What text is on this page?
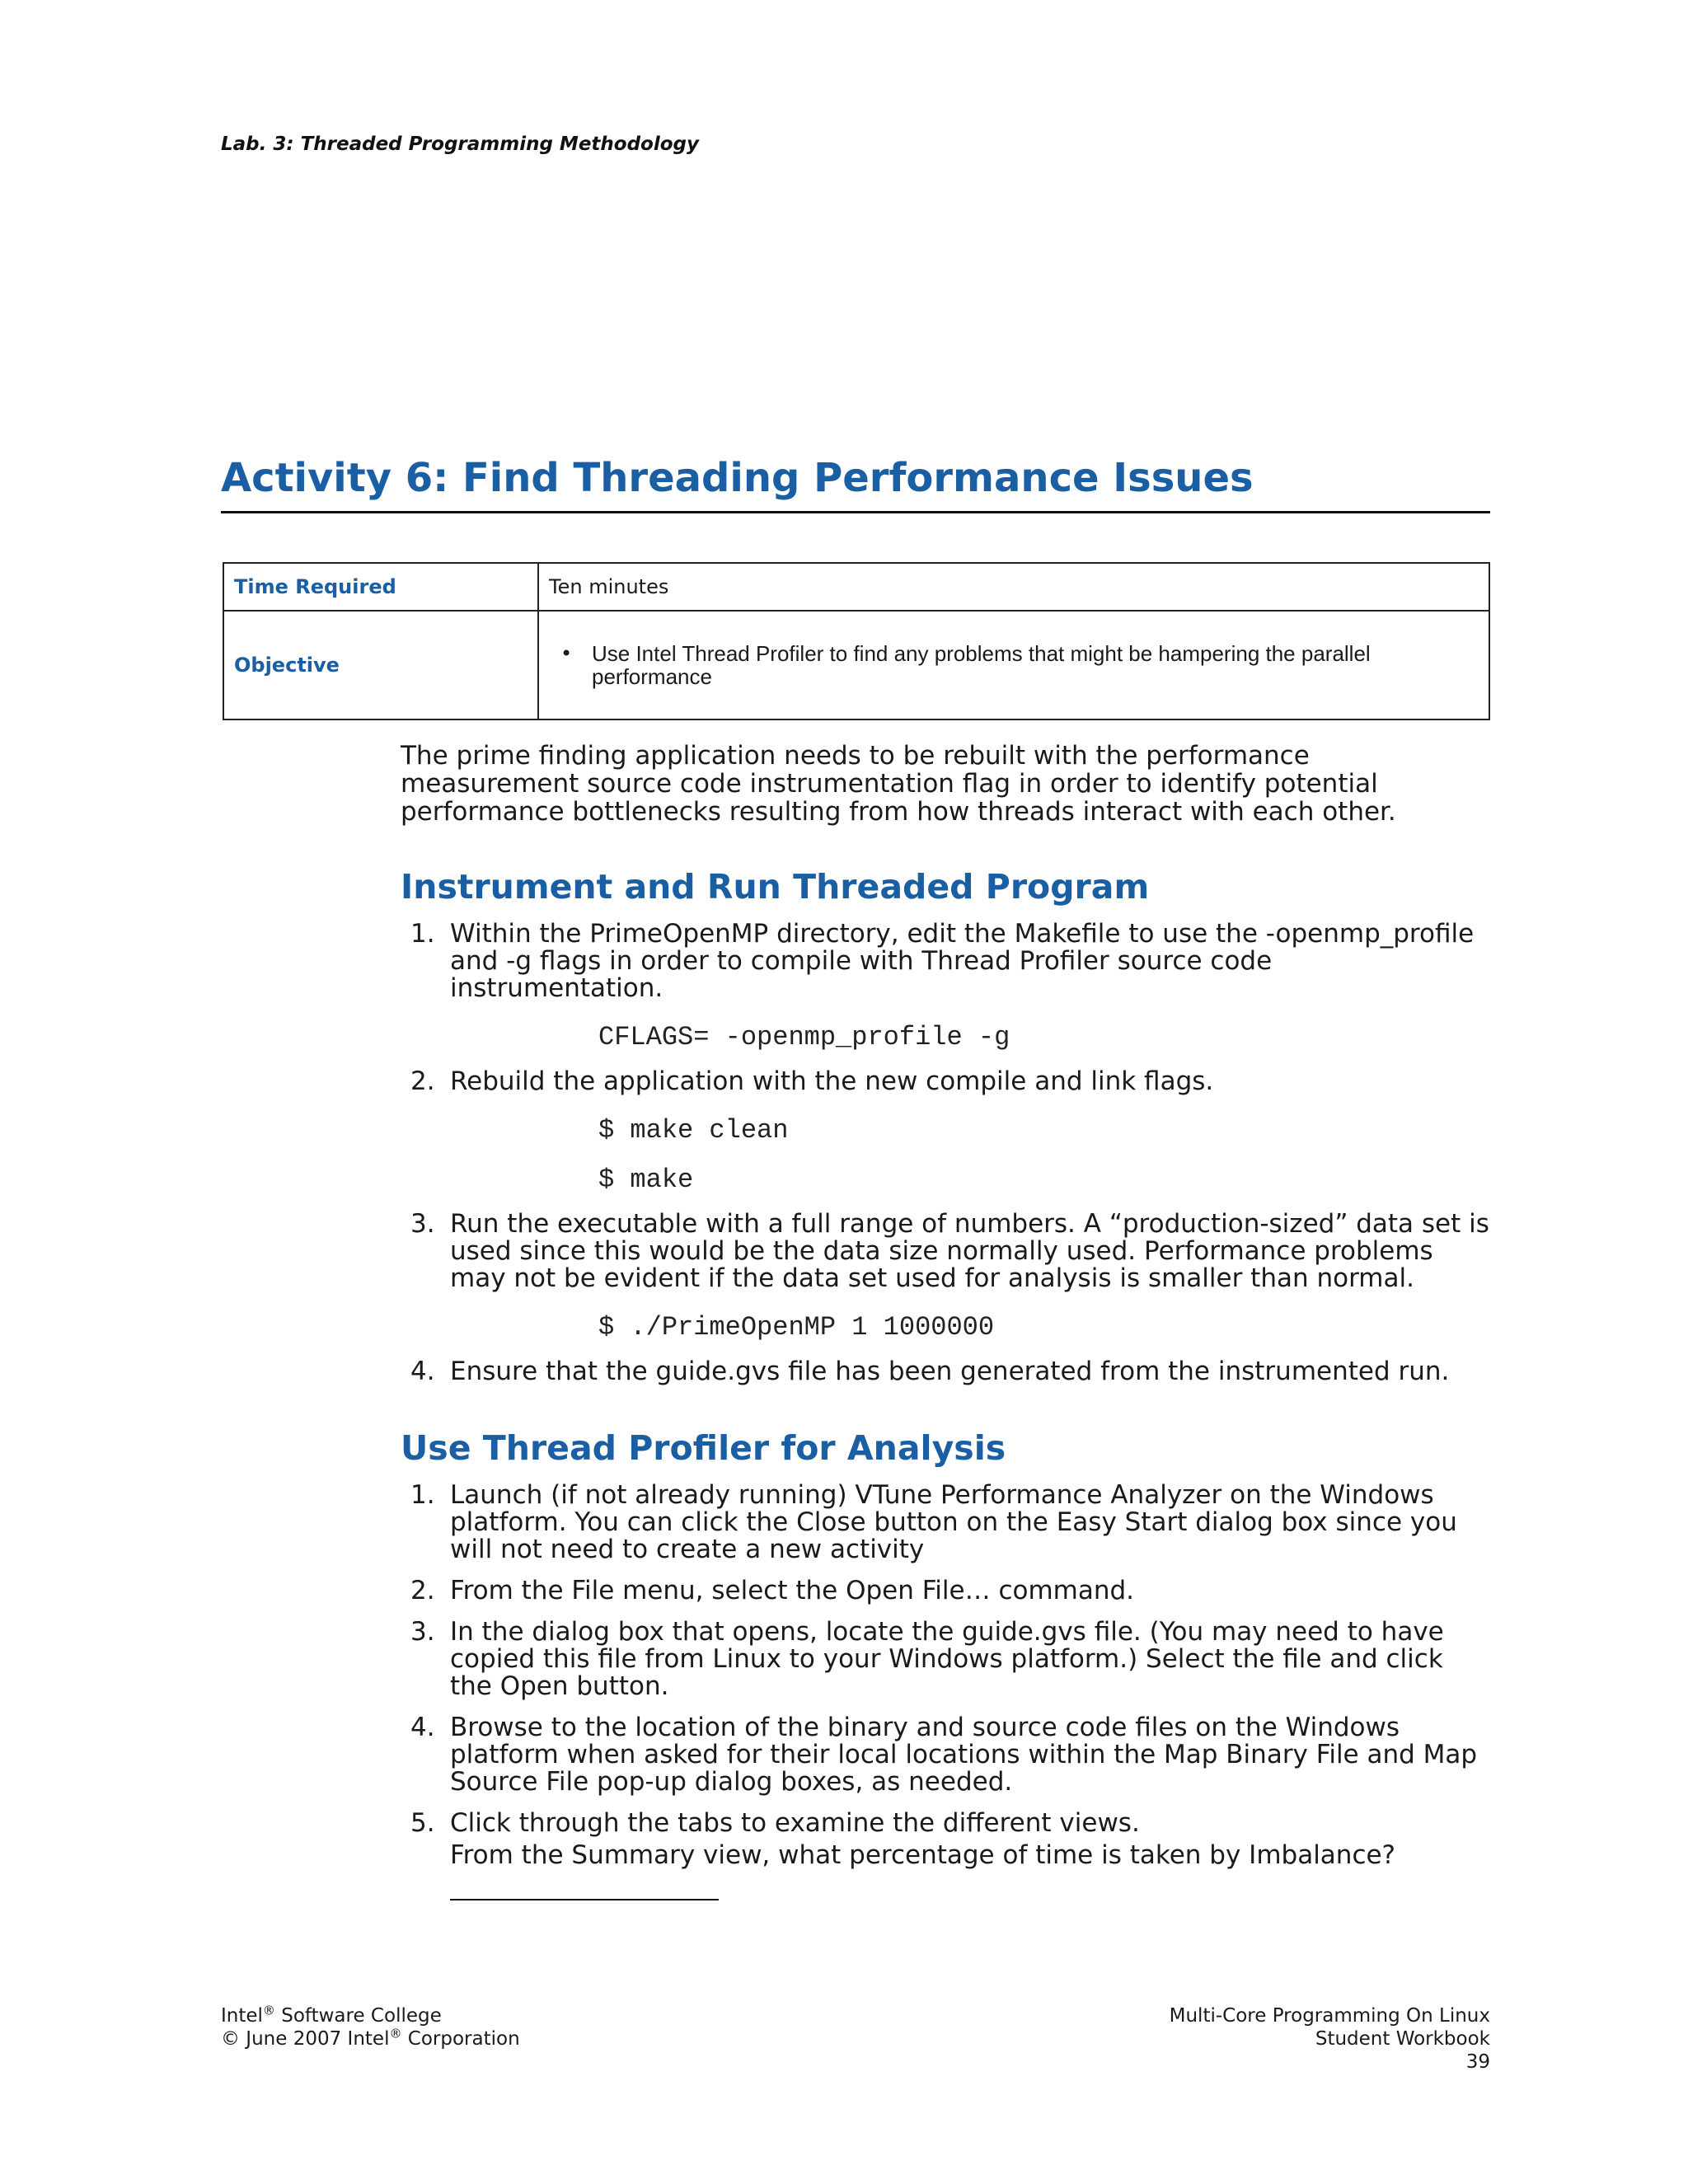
Lab. 3: Threaded Programming Methodology
Activity 6: Find Threading Performance Issues
Time Required	Ten minutes
Objective	• Use Intel Thread Profiler to find any problems that might be hampering the parallel performance

The prime finding application needs to be rebuilt with the performance measurement source code instrumentation flag in order to identify potential performance bottlenecks resulting from how threads interact with each other.

Instrument and Run Threaded Program
1. Within the PrimeOpenMP directory, edit the Makefile to use the -openmp_profile and -g flags in order to compile with Thread Profiler source code instrumentation.
CFLAGS= -openmp_profile -g
2. Rebuild the application with the new compile and link flags.
$ make clean
$ make
3. Run the executable with a full range of numbers. A “production-sized” data set is used since this would be the data size normally used. Performance problems may not be evident if the data set used for analysis is smaller than normal.
$ ./PrimeOpenMP 1 1000000
4. Ensure that the guide.gvs file has been generated from the instrumented run.
Use Thread Profiler for Analysis
1. Launch (if not already running) VTune Performance Analyzer on the Windows platform. You can click the Close button on the Easy Start dialog box since you will not need to create a new activity
2. From the File menu, select the Open File… command.
3. In the dialog box that opens, locate the guide.gvs file. (You may need to have copied this file from Linux to your Windows platform.) Select the file and click the Open button.
4. Browse to the location of the binary and source code files on the Windows platform when asked for their local locations within the Map Binary File and Map Source File pop-up dialog boxes, as needed.
5. Click through the tabs to examine the different views.
From the Summary view, what percentage of time is taken by Imbalance?
Intel® Software College
© June 2007 Intel® Corporation
Multi-Core Programming On Linux
Student Workbook
39
